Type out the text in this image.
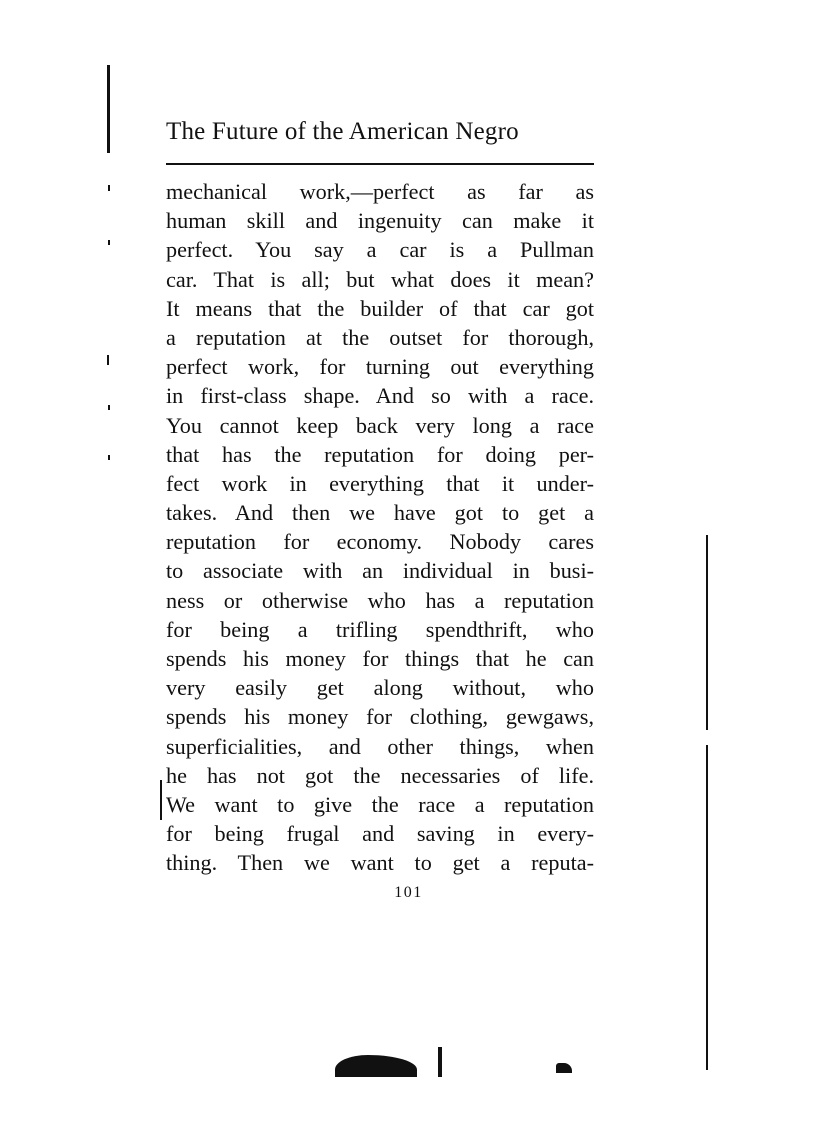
The Future of the American Negro
mechanical work,—perfect as far as
human skill and ingenuity can make it
perfect. You say a car is a Pullman
car. That is all; but what does it mean?
It means that the builder of that car got
a reputation at the outset for thorough,
perfect work, for turning out everything
in first-class shape. And so with a race.
You cannot keep back very long a race
that has the reputation for doing per-
fect work in everything that it under-
takes. And then we have got to get a
reputation for economy. Nobody cares
to associate with an individual in busi-
ness or otherwise who has a reputation
for being a trifling spendthrift, who
spends his money for things that he can
very easily get along without, who
spends his money for clothing, gewgaws,
superficialities, and other things, when
he has not got the necessaries of life.
We want to give the race a reputation
for being frugal and saving in every-
thing. Then we want to get a reputa-
101
